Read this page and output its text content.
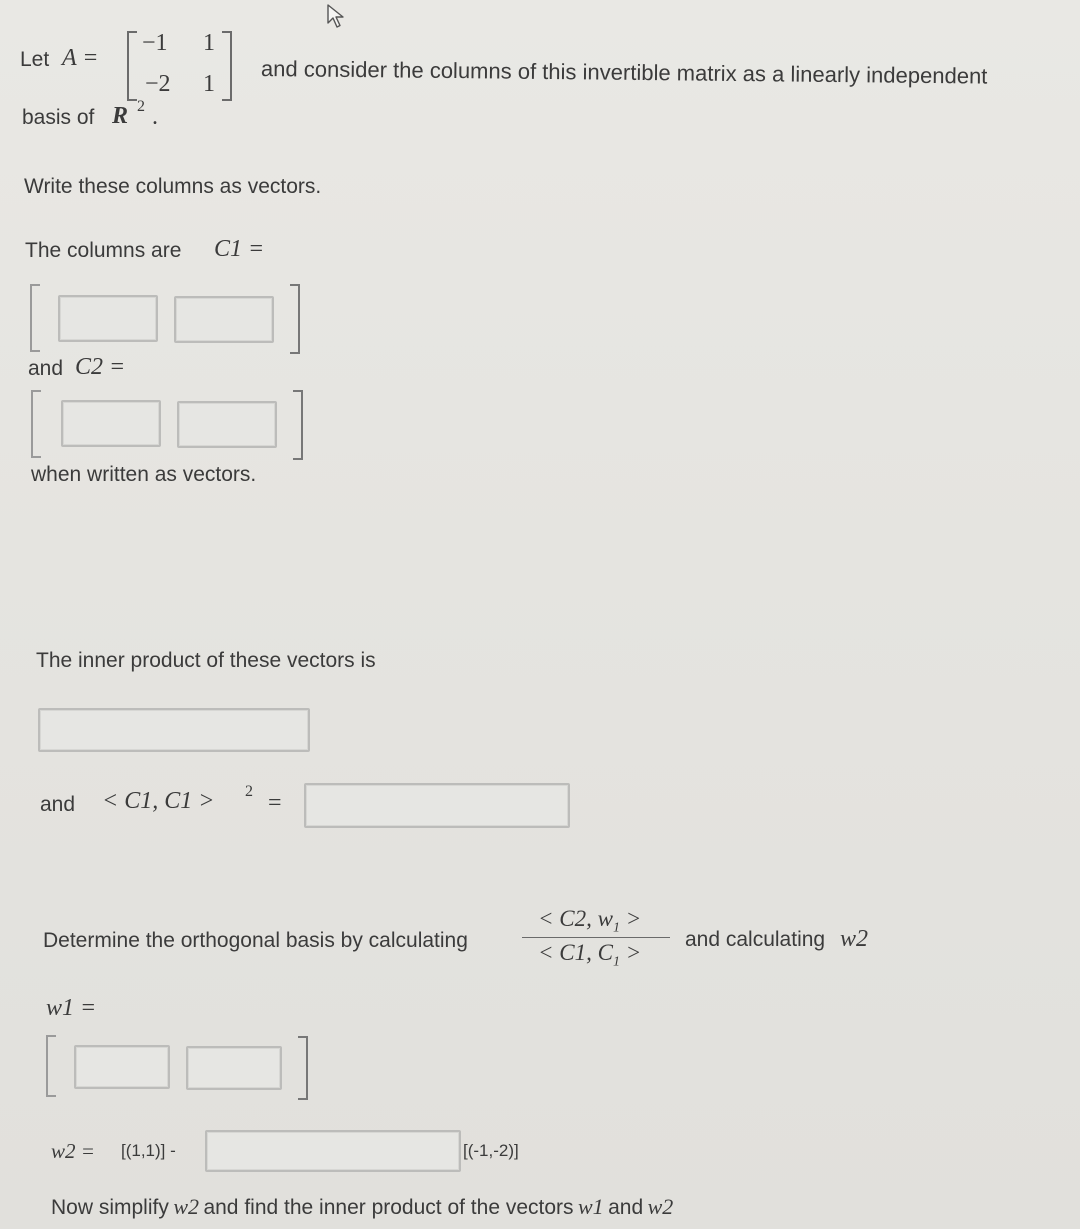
Let A =
−1 1
−2 1 and consider the columns of this invertible matrix as a linearly independent
basis of R 2 .
Write these columns as vectors.
The columns are C1 =
and C2 =
when written as vectors.
The inner product of these vectors is
and < C1, C1 > 2 =
Determine the orthogonal basis by calculating
< C2, $w_1$ >
< C1, $C_1$ >
and calculating w2
w1 =
w2 = [(1,1)] -	[(-1,-2)]
Now simplify w2 and find the inner product of the vectors w1 and w2
